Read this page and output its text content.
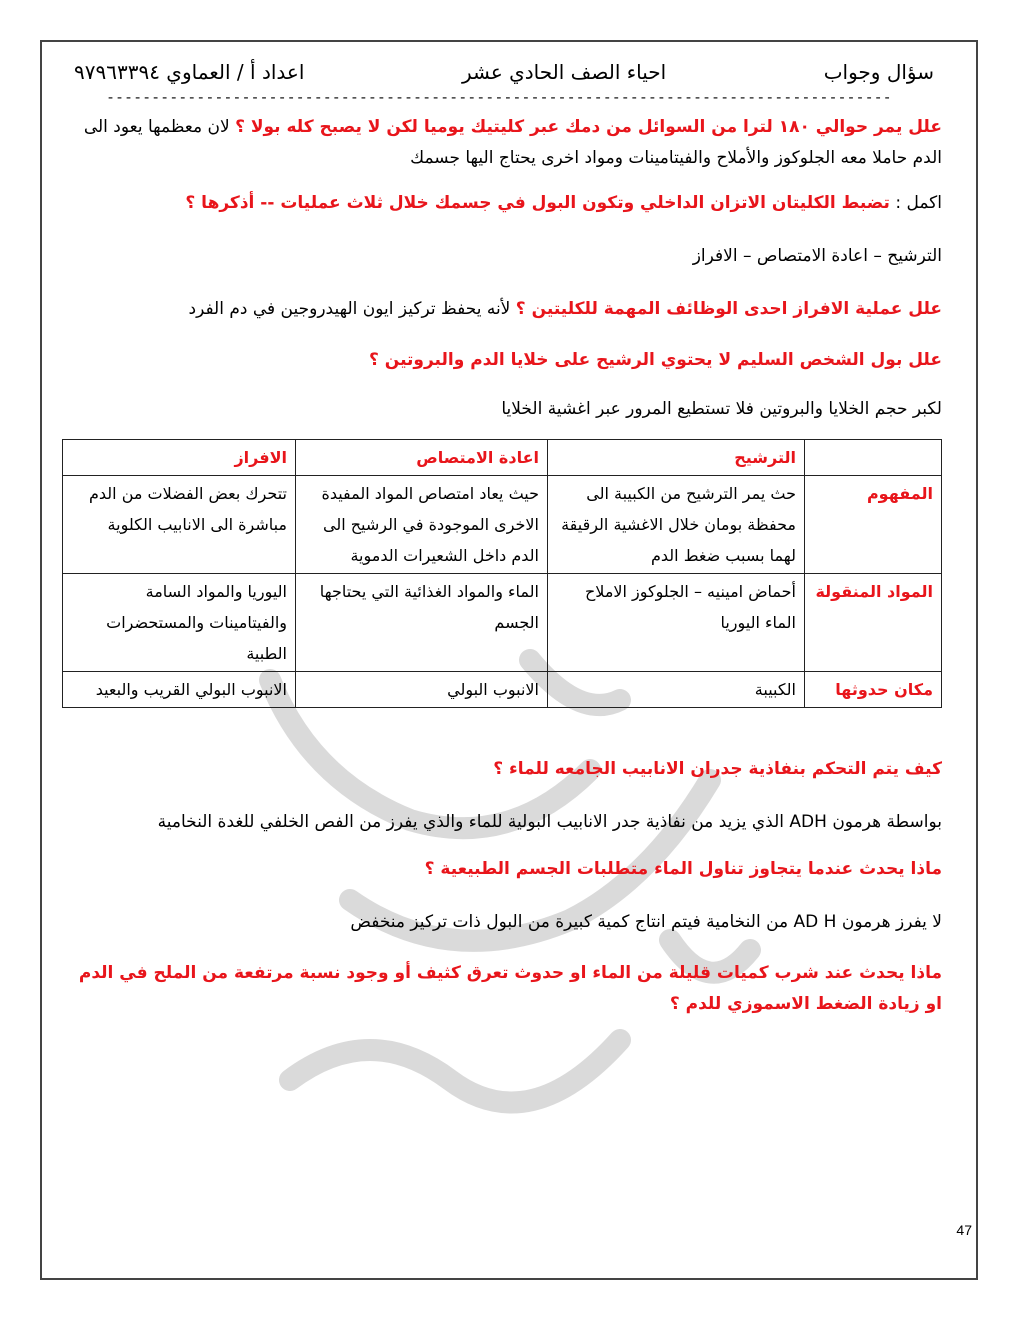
سؤال وجواب
احياء الصف الحادي عشر
اعداد أ / العماوي ٩٧٩٦٣٣٩٤
---------------------------------------------------------------------------------------

علل يمر حوالي ١٨٠ لترا من السوائل من دمك عبر كليتيك يوميا لكن لا يصبح كله بولا ؟ لان معظمها يعود الى الدم حاملا معه الجلوكوز والأملاح والفيتامينات ومواد اخرى يحتاج اليها جسمك

اكمل : تضبط الكليتان الاتزان الداخلي وتكون البول في جسمك خلال ثلاث عمليات -- أذكرها ؟

الترشيح – اعادة الامتصاص – الافراز

علل عملية الافراز احدى الوظائف المهمة للكليتين ؟ لأنه يحفظ تركيز ايون الهيدروجين في دم الفرد

علل بول الشخص السليم لا يحتوي الرشيح على خلايا الدم والبروتين ؟

لكبر حجم الخلايا والبروتين فلا تستطيع المرور عبر اغشية الخلايا

	الترشيح	اعادة الامتصاص	الافراز
المفهوم	حث يمر الترشيح من الكبيبة الى محفظة بومان خلال الاغشية الرقيقة لهما بسبب ضغط الدم	حيث يعاد امتصاص المواد المفيدة الاخرى الموجودة في الرشيح الى الدم داخل الشعيرات الدموية	تتحرك بعض الفضلات من الدم مباشرة الى الانابيب الكلوية
المواد المنقولة	أحماض امينيه – الجلوكوز الاملاح الماء اليوريا	الماء والمواد الغذائية التي يحتاجها الجسم	اليوريا والمواد السامة والفيتامينات والمستحضرات الطبية
مكان حدوثها	الكبيبة	الانبوب البولي	الانبوب البولي القريب والبعيد

كيف يتم التحكم بنفاذية جدران الانابيب الجامعه للماء ؟

بواسطة هرمون ADH الذي يزيد من نفاذية جدر الانابيب البولية للماء والذي يفرز من الفص الخلفي للغدة النخامية

ماذا يحدث عندما يتجاوز تناول الماء متطلبات الجسم الطبيعية ؟

لا يفرز هرمون AD H من النخامية فيتم انتاج كمية كبيرة من البول ذات تركيز منخفض

ماذا يحدث عند شرب كميات قليلة من الماء او حدوث تعرق كثيف أو وجود نسبة مرتفعة من الملح في الدم او زيادة الضغط الاسموزي للدم ؟

47
